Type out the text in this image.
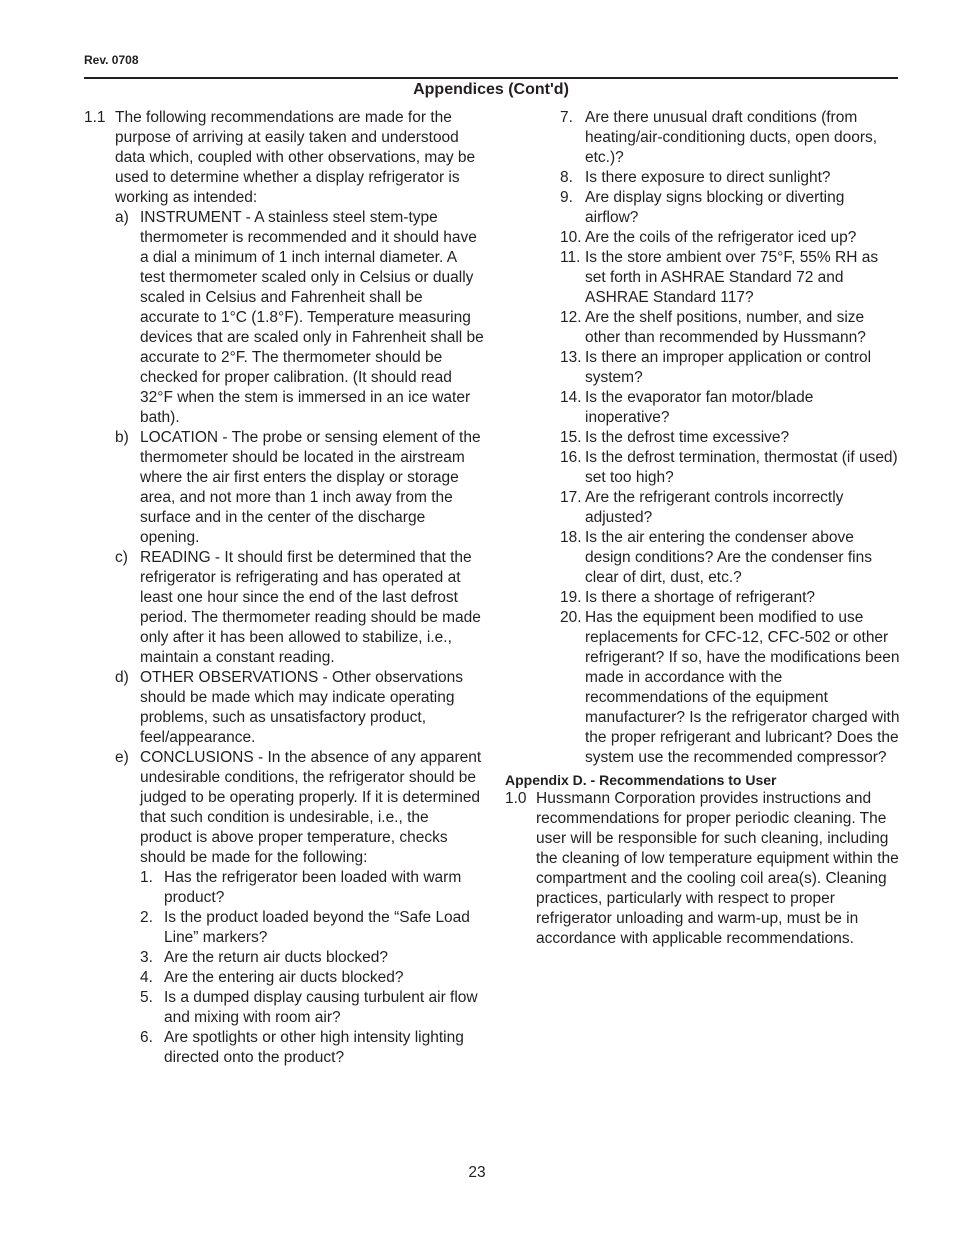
Rev. 0708
Appendices (Cont'd)
1.1 The following recommendations are made for the purpose of arriving at easily taken and understood data which, coupled with other observations, may be used to determine whether a display refrigerator is working as intended:
a) INSTRUMENT - A stainless steel stem-type thermometer is recommended and it should have a dial a minimum of 1 inch internal diameter. A test thermometer scaled only in Celsius or dually scaled in Celsius and Fahrenheit shall be accurate to 1°C (1.8°F). Temperature measuring devices that are scaled only in Fahrenheit shall be accurate to 2°F. The thermometer should be checked for proper calibration. (It should read 32°F when the stem is immersed in an ice water bath).
b) LOCATION - The probe or sensing element of the thermometer should be located in the airstream where the air first enters the display or storage area, and not more than 1 inch away from the surface and in the center of the discharge opening.
c) READING - It should first be determined that the refrigerator is refrigerating and has operated at least one hour since the end of the last defrost period. The thermometer reading should be made only after it has been allowed to stabilize, i.e., maintain a constant reading.
d) OTHER OBSERVATIONS - Other observations should be made which may indicate operating problems, such as unsatisfactory product, feel/appearance.
e) CONCLUSIONS - In the absence of any apparent undesirable conditions, the refrigerator should be judged to be operating properly. If it is determined that such condition is undesirable, i.e., the product is above proper temperature, checks should be made for the following:
1. Has the refrigerator been loaded with warm product?
2. Is the product loaded beyond the “Safe Load Line” markers?
3. Are the return air ducts blocked?
4. Are the entering air ducts blocked?
5. Is a dumped display causing turbulent air flow and mixing with room air?
6. Are spotlights or other high intensity lighting directed onto the product?
7. Are there unusual draft conditions (from heating/air-conditioning ducts, open doors, etc.)?
8. Is there exposure to direct sunlight?
9. Are display signs blocking or diverting airflow?
10. Are the coils of the refrigerator iced up?
11. Is the store ambient over 75°F, 55% RH as set forth in ASHRAE Standard 72 and ASHRAE Standard 117?
12. Are the shelf positions, number, and size other than recommended by Hussmann?
13. Is there an improper application or control system?
14. Is the evaporator fan motor/blade inoperative?
15. Is the defrost time excessive?
16. Is the defrost termination, thermostat (if used) set too high?
17. Are the refrigerant controls incorrectly adjusted?
18. Is the air entering the condenser above design conditions? Are the condenser fins clear of dirt, dust, etc.?
19. Is there a shortage of refrigerant?
20. Has the equipment been modified to use replacements for CFC-12, CFC-502 or other refrigerant? If so, have the modifications been made in accordance with the recommendations of the equipment manufacturer? Is the refrigerator charged with the proper refrigerant and lubricant? Does the system use the recommended compressor?
Appendix D. - Recommendations to User
1.0 Hussmann Corporation provides instructions and recommendations for proper periodic cleaning. The user will be responsible for such cleaning, including the cleaning of low temperature equipment within the compartment and the cooling coil area(s). Cleaning practices, particularly with respect to proper refrigerator unloading and warm-up, must be in accordance with applicable recommendations.
23
